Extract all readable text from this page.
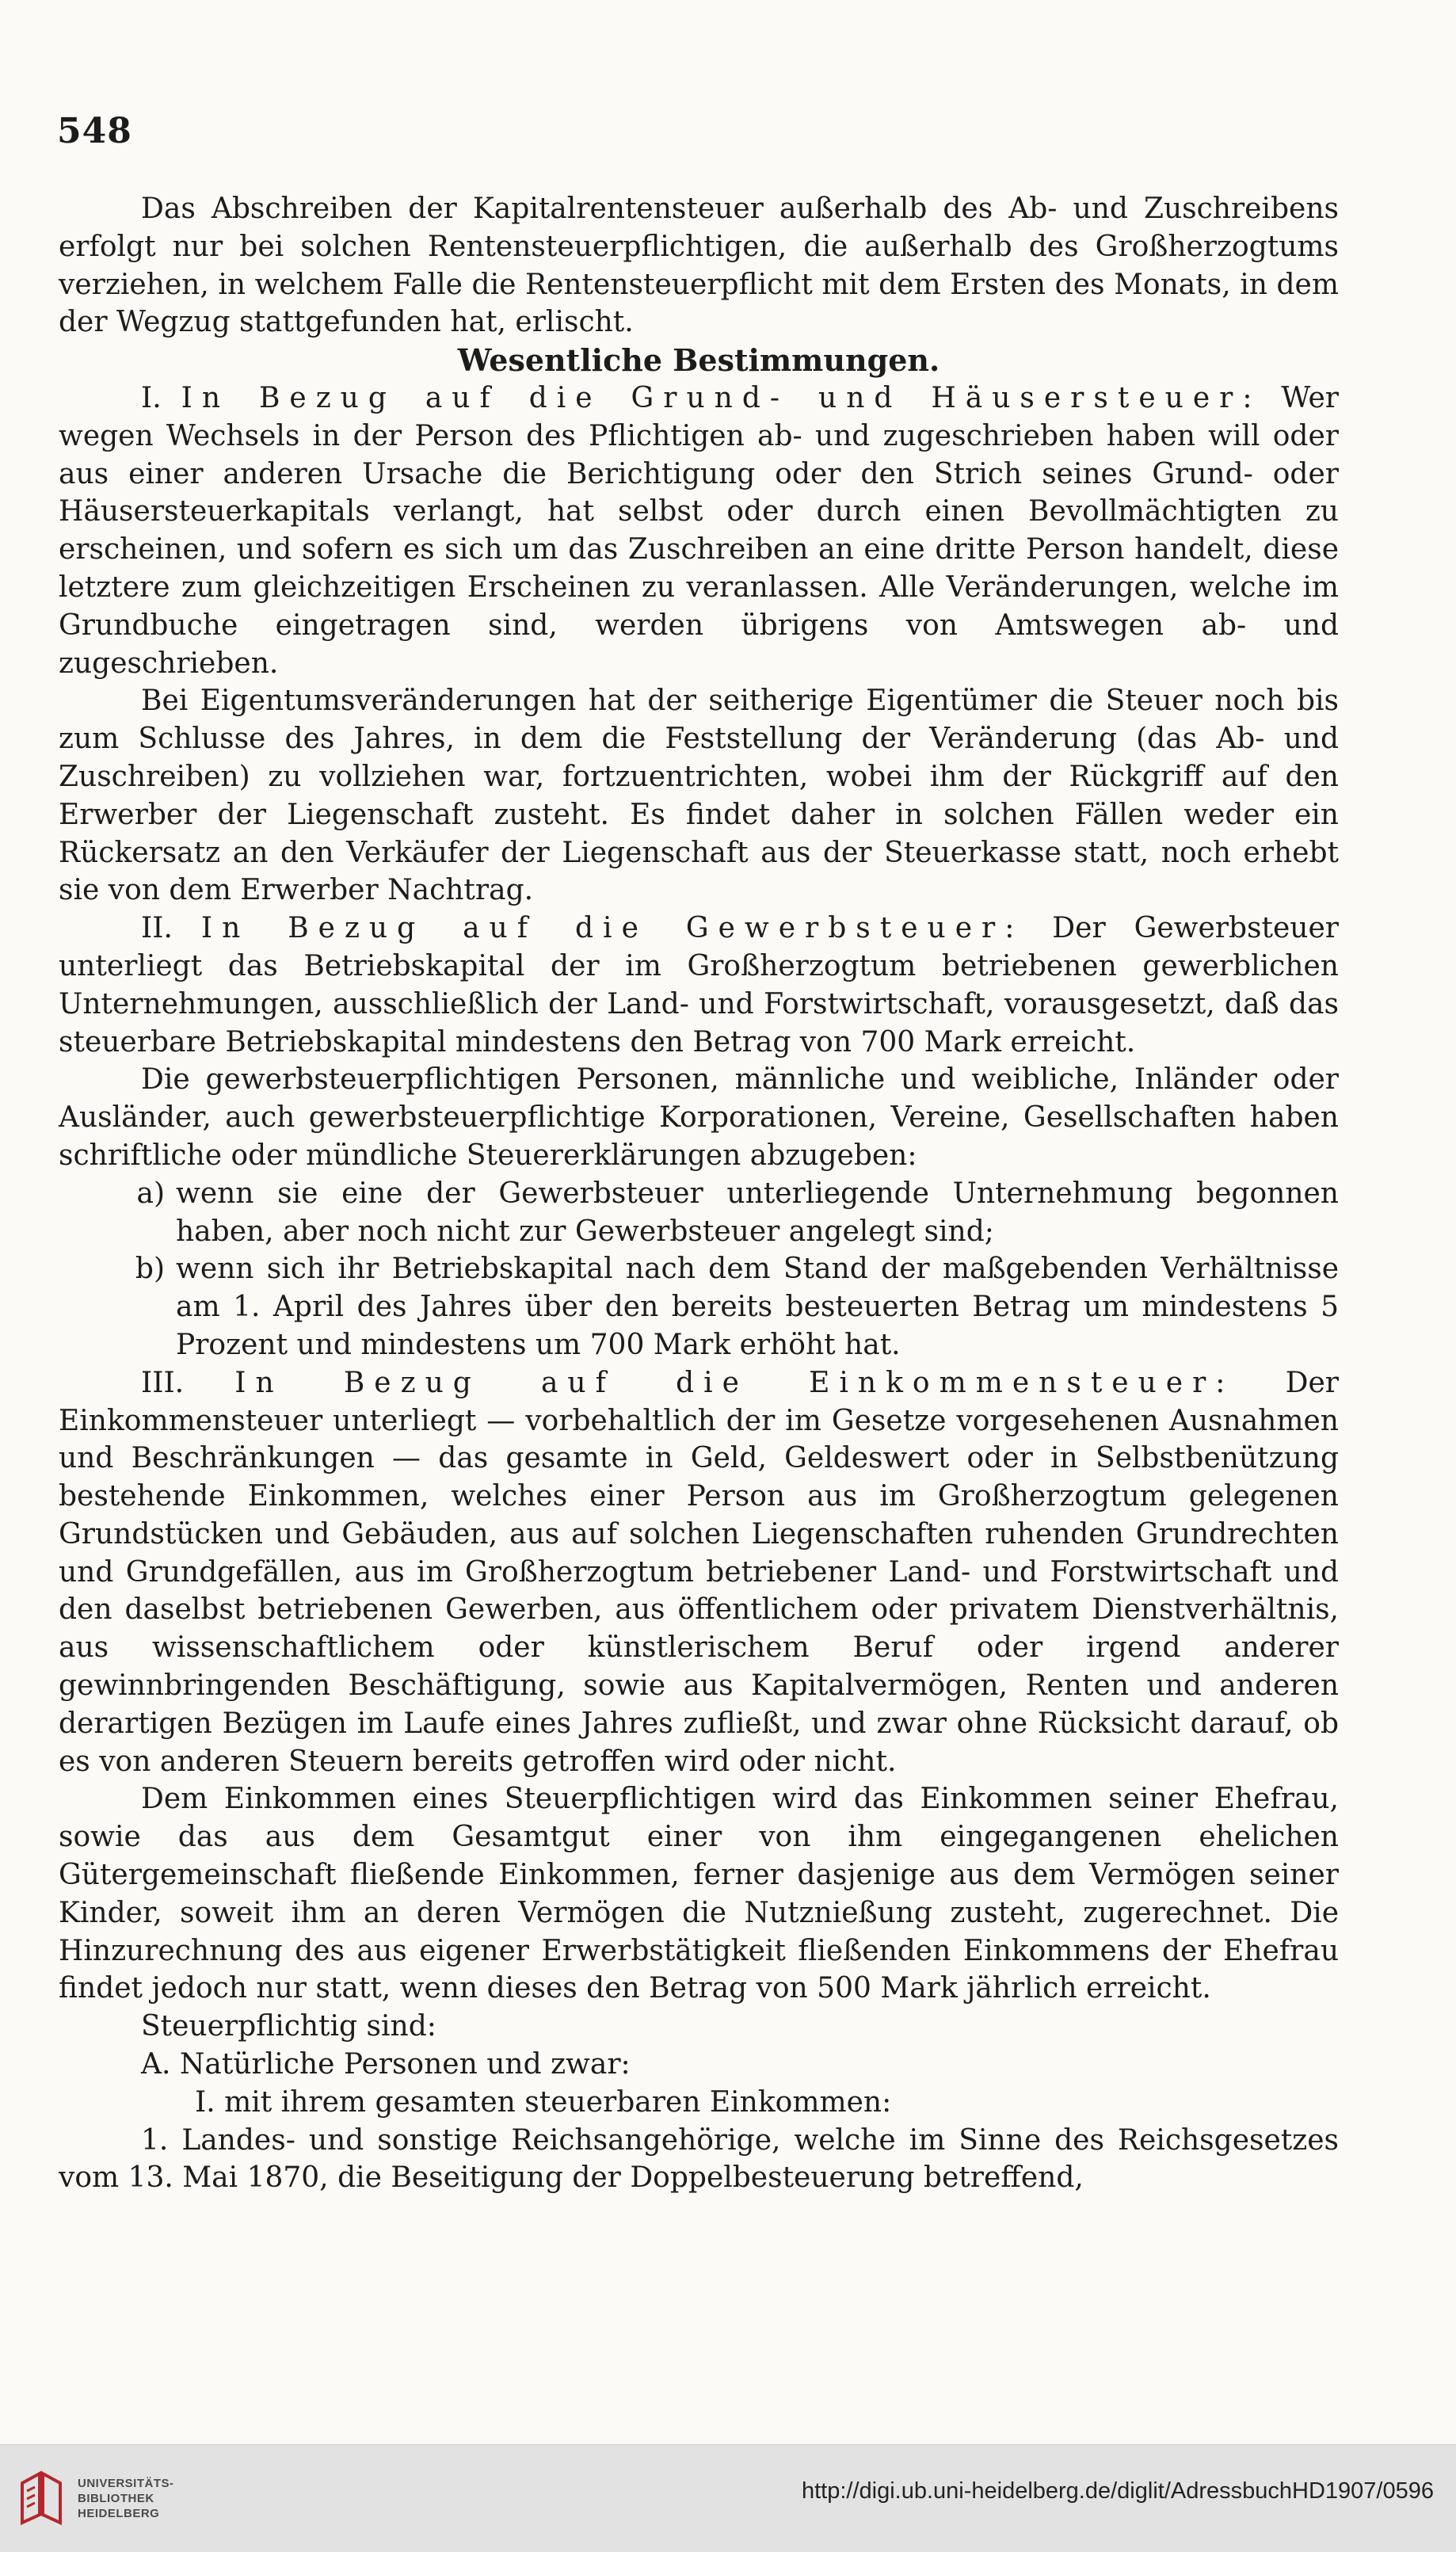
548

Das Abschreiben der Kapitalrentensteuer außerhalb des Ab- und Zuschreibens erfolgt nur bei solchen Rentensteuerpflichtigen, die außerhalb des Großherzogtums verziehen, in welchem Falle die Rentensteuerpflicht mit dem Ersten des Monats, in dem der Wegzug stattgefunden hat, erlischt.

Wesentliche Bestimmungen.

I. In Bezug auf die Grund- und Häusersteuer: Wer wegen Wechsels in der Person des Pflichtigen ab- und zugeschrieben haben will oder aus einer anderen Ursache die Berichtigung oder den Strich seines Grund- oder Häusersteuerkapitals verlangt, hat selbst oder durch einen Bevollmächtigten zu erscheinen, und sofern es sich um das Zuschreiben an eine dritte Person handelt, diese letztere zum gleichzeitigen Erscheinen zu veranlassen. Alle Veränderungen, welche im Grundbuche eingetragen sind, werden übrigens von Amtswegen ab- und zugeschrieben.

Bei Eigentumsveränderungen hat der seitherige Eigentümer die Steuer noch bis zum Schlusse des Jahres, in dem die Feststellung der Veränderung (das Ab- und Zuschreiben) zu vollziehen war, fortzuentrichten, wobei ihm der Rückgriff auf den Erwerber der Liegenschaft zusteht. Es findet daher in solchen Fällen weder ein Rückersatz an den Verkäufer der Liegenschaft aus der Steuerkasse statt, noch erhebt sie von dem Erwerber Nachtrag.

II. In Bezug auf die Gewerbsteuer: Der Gewerbsteuer unterliegt das Betriebskapital der im Großherzogtum betriebenen gewerblichen Unternehmungen, ausschließlich der Land- und Forstwirtschaft, vorausgesetzt, daß das steuerbare Betriebskapital mindestens den Betrag von 700 Mark erreicht.

Die gewerbsteuerpflichtigen Personen, männliche und weibliche, Inländer oder Ausländer, auch gewerbsteuerpflichtige Korporationen, Vereine, Gesellschaften haben schriftliche oder mündliche Steuererklärungen abzugeben:

a) wenn sie eine der Gewerbsteuer unterliegende Unternehmung begonnen haben, aber noch nicht zur Gewerbsteuer angelegt sind;
b) wenn sich ihr Betriebskapital nach dem Stand der maßgebenden Verhältnisse am 1. April des Jahres über den bereits besteuerten Betrag um mindestens 5 Prozent und mindestens um 700 Mark erhöht hat.

III. In Bezug auf die Einkommensteuer: Der Einkommensteuer unterliegt — vorbehaltlich der im Gesetze vorgesehenen Ausnahmen und Beschränkungen — das gesamte in Geld, Geldeswert oder in Selbstbenützung bestehende Einkommen, welches einer Person aus im Großherzogtum gelegenen Grundstücken und Gebäuden, aus auf solchen Liegenschaften ruhenden Grundrechten und Grundgefällen, aus im Großherzogtum betriebener Land- und Forstwirtschaft und den daselbst betriebenen Gewerben, aus öffentlichem oder privatem Dienstverhältnis, aus wissenschaftlichem oder künstlerischem Beruf oder irgend anderer gewinnbringenden Beschäftigung, sowie aus Kapitalvermögen, Renten und anderen derartigen Bezügen im Laufe eines Jahres zufließt, und zwar ohne Rücksicht darauf, ob es von anderen Steuern bereits getroffen wird oder nicht.

Dem Einkommen eines Steuerpflichtigen wird das Einkommen seiner Ehefrau, sowie das aus dem Gesamtgut einer von ihm eingegangenen ehelichen Gütergemeinschaft fließende Einkommen, ferner dasjenige aus dem Vermögen seiner Kinder, soweit ihm an deren Vermögen die Nutznießung zusteht, zugerechnet. Die Hinzurechnung des aus eigener Erwerbstätigkeit fließenden Einkommens der Ehefrau findet jedoch nur statt, wenn dieses den Betrag von 500 Mark jährlich erreicht.

Steuerpflichtig sind:

A. Natürliche Personen und zwar:

I. mit ihrem gesamten steuerbaren Einkommen:

1. Landes- und sonstige Reichsangehörige, welche im Sinne des Reichsgesetzes vom 13. Mai 1870, die Beseitigung der Doppelbesteuerung betreffend,

UNIVERSITÄTS-
BIBLIOTHEK
HEIDELBERG
http://digi.ub.uni-heidelberg.de/diglit/AdressbuchHD1907/0596
